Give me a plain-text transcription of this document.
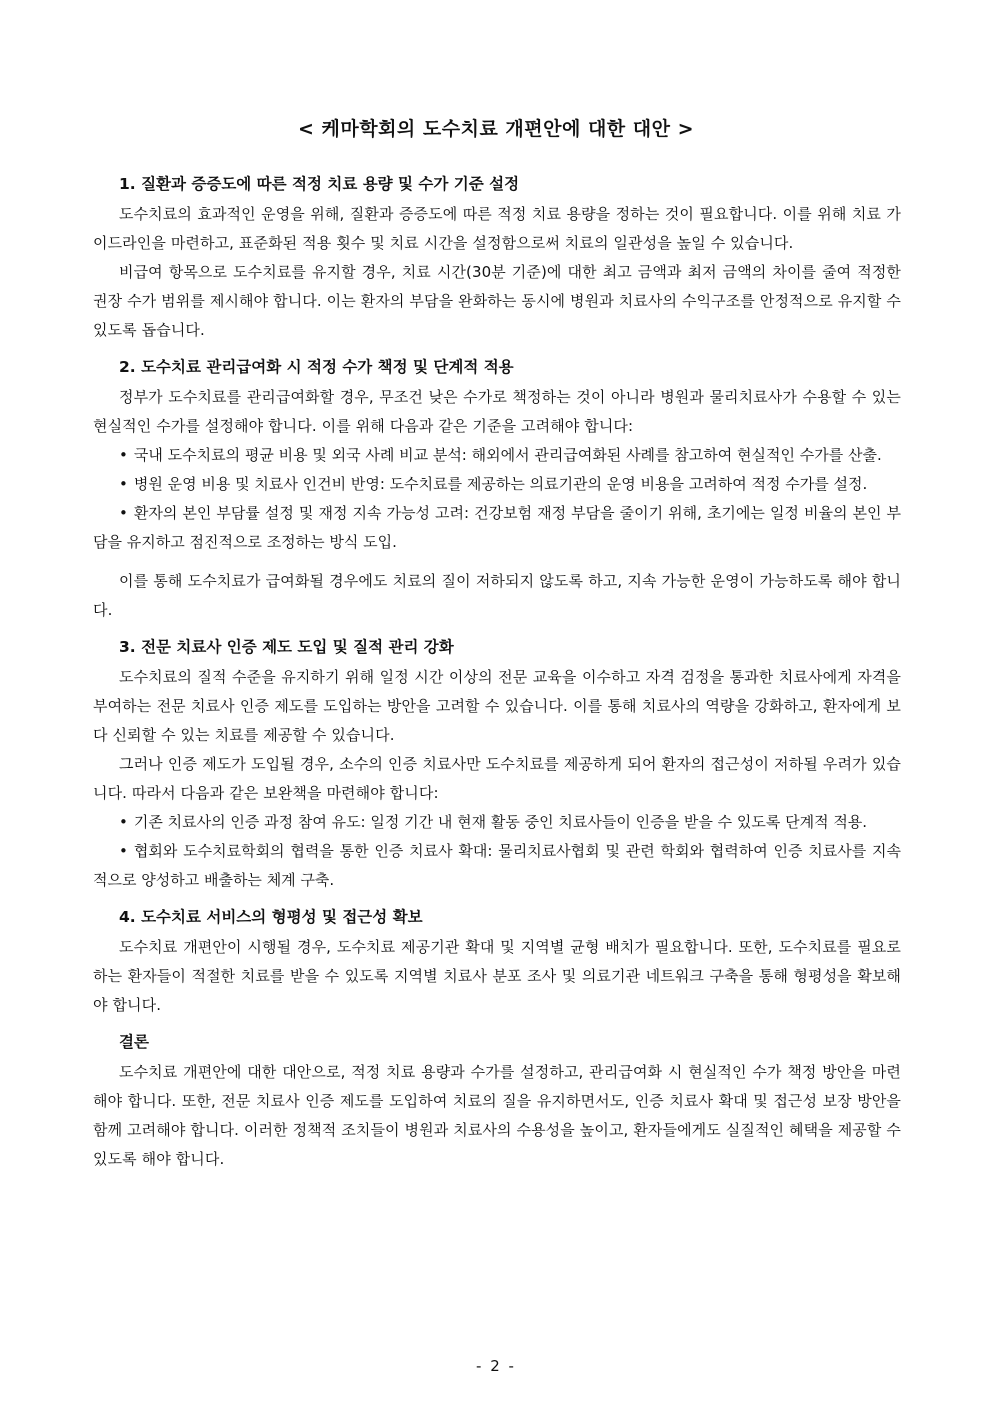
< 케마학회의 도수치료 개편안에 대한 대안 >
1. 질환과 증증도에 따른 적정 치료 용량 및 수가 기준 설정

도수치료의 효과적인 운영을 위해, 질환과 증증도에 따른 적정 치료 용량을 정하는 것이 필요합니다. 이를 위해 치료 가이드라인을 마련하고, 표준화된 적용 횟수 및 치료 시간을 설정함으로써 치료의 일관성을 높일 수 있습니다.

비급여 항목으로 도수치료를 유지할 경우, 치료 시간(30분 기준)에 대한 최고 금액과 최저 금액의 차이를 줄여 적정한 권장 수가 범위를 제시해야 합니다. 이는 환자의 부담을 완화하는 동시에 병원과 치료사의 수익구조를 안정적으로 유지할 수 있도록 돕습니다.

2. 도수치료 관리급여화 시 적정 수가 책정 및 단계적 적용

정부가 도수치료를 관리급여화할 경우, 무조건 낮은 수가로 책정하는 것이 아니라 병원과 물리치료사가 수용할 수 있는 현실적인 수가를 설정해야 합니다. 이를 위해 다음과 같은 기준을 고려해야 합니다:

• 국내 도수치료의 평균 비용 및 외국 사례 비교 분석: 해외에서 관리급여화된 사례를 참고하여 현실적인 수가를 산출.

• 병원 운영 비용 및 치료사 인건비 반영: 도수치료를 제공하는 의료기관의 운영 비용을 고려하여 적정 수가를 설정.

• 환자의 본인 부담률 설정 및 재정 지속 가능성 고려: 건강보험 재정 부담을 줄이기 위해, 초기에는 일정 비율의 본인 부담을 유지하고 점진적으로 조정하는 방식 도입.

이를 통해 도수치료가 급여화될 경우에도 치료의 질이 저하되지 않도록 하고, 지속 가능한 운영이 가능하도록 해야 합니다.

3. 전문 치료사 인증 제도 도입 및 질적 관리 강화

도수치료의 질적 수준을 유지하기 위해 일정 시간 이상의 전문 교육을 이수하고 자격 검정을 통과한 치료사에게 자격을 부여하는 전문 치료사 인증 제도를 도입하는 방안을 고려할 수 있습니다. 이를 통해 치료사의 역량을 강화하고, 환자에게 보다 신뢰할 수 있는 치료를 제공할 수 있습니다.

그러나 인증 제도가 도입될 경우, 소수의 인증 치료사만 도수치료를 제공하게 되어 환자의 접근성이 저하될 우려가 있습니다. 따라서 다음과 같은 보완책을 마련해야 합니다:

• 기존 치료사의 인증 과정 참여 유도: 일정 기간 내 현재 활동 중인 치료사들이 인증을 받을 수 있도록 단계적 적용.

• 협회와 도수치료학회의 협력을 통한 인증 치료사 확대: 물리치료사협회 및 관련 학회와 협력하여 인증 치료사를 지속적으로 양성하고 배출하는 체계 구축.

4. 도수치료 서비스의 형평성 및 접근성 확보

도수치료 개편안이 시행될 경우, 도수치료 제공기관 확대 및 지역별 균형 배치가 필요합니다. 또한, 도수치료를 필요로 하는 환자들이 적절한 치료를 받을 수 있도록 지역별 치료사 분포 조사 및 의료기관 네트워크 구축을 통해 형평성을 확보해야 합니다.

결론

도수치료 개편안에 대한 대안으로, 적정 치료 용량과 수가를 설정하고, 관리급여화 시 현실적인 수가 책정 방안을 마련해야 합니다. 또한, 전문 치료사 인증 제도를 도입하여 치료의 질을 유지하면서도, 인증 치료사 확대 및 접근성 보장 방안을 함께 고려해야 합니다. 이러한 정책적 조치들이 병원과 치료사의 수용성을 높이고, 환자들에게도 실질적인 혜택을 제공할 수 있도록 해야 합니다.

- 2 -
